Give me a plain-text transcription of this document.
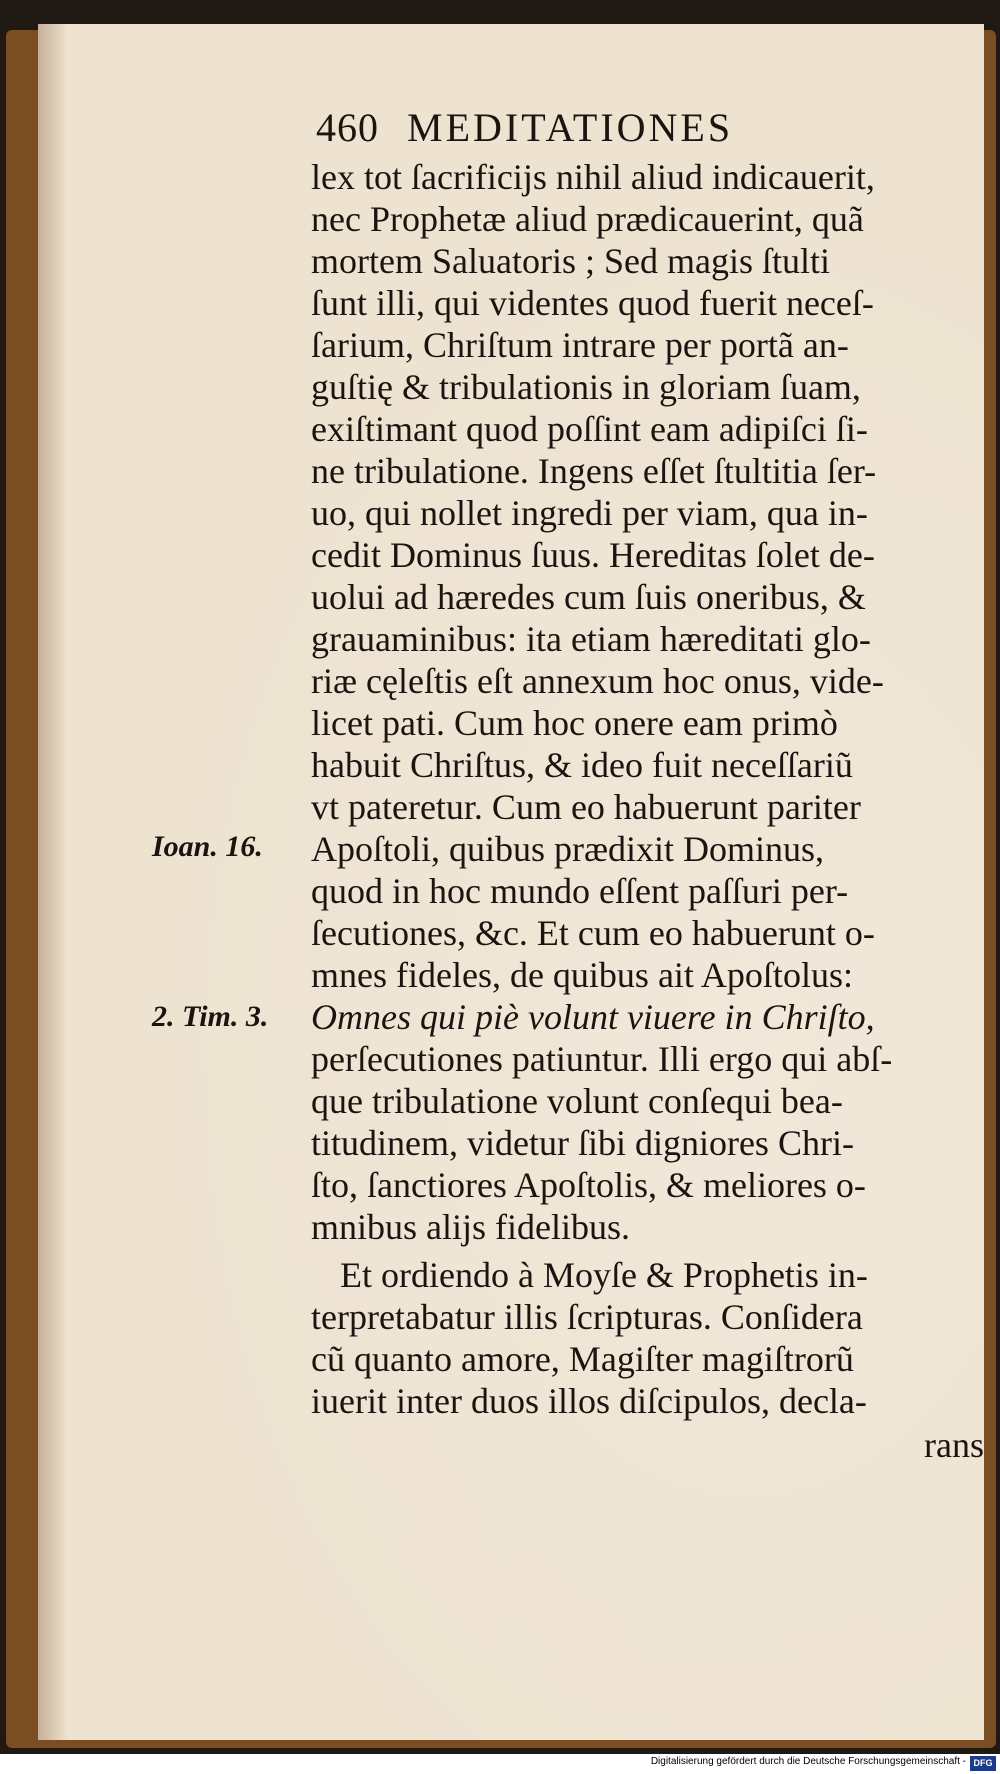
460 MEDITATIONES
lex tot ſacrificijs nihil aliud indicauerit,
nec Prophetæ aliud prædicauerint, quã
mortem Saluatoris ; Sed magis ſtulti
ſunt illi, qui videntes quod fuerit neceſ-
ſarium, Chriſtum intrare per portã an-
guſtię & tribulationis in gloriam ſuam,
exiſtimant quod poſſint eam adipiſci ſi-
ne tribulatione. Ingens eſſet ſtultitia ſer-
uo, qui nollet ingredi per viam, qua in-
cedit Dominus ſuus. Hereditas ſolet de-
uolui ad hæredes cum ſuis oneribus, &
grauaminibus: ita etiam hæreditati glo-
riæ cęleſtis eſt annexum hoc onus, vide-
licet pati. Cum hoc onere eam primò
habuit Chriſtus, & ideo fuit neceſſariũ
vt pateretur. Cum eo habuerunt pariter
Apoſtoli, quibus prædixit Dominus,
quod in hoc mundo eſſent paſſuri per-
ſecutiones, &c. Et cum eo habuerunt o-
mnes fideles, de quibus ait Apoſtolus:
Omnes qui piè volunt viuere in Chriſto,
perſecutiones patiuntur. Illi ergo qui abſ-
que tribulatione volunt conſequi bea-
titudinem, videtur ſibi digniores Chri-
ſto, ſanctiores Apoſtolis, & meliores o-
mnibus alijs fidelibus.
Et ordiendo à Moyſe & Prophetis in-
terpretabatur illis ſcripturas. Conſidera
cũ quanto amore, Magiſter magiſtrorũ
iuerit inter duos illos diſcipulos, decla-
rans
Ioan. 16.
2. Tim. 3.
Digitalisierung gefördert durch die Deutsche Forschungsgemeinschaft - DFG
